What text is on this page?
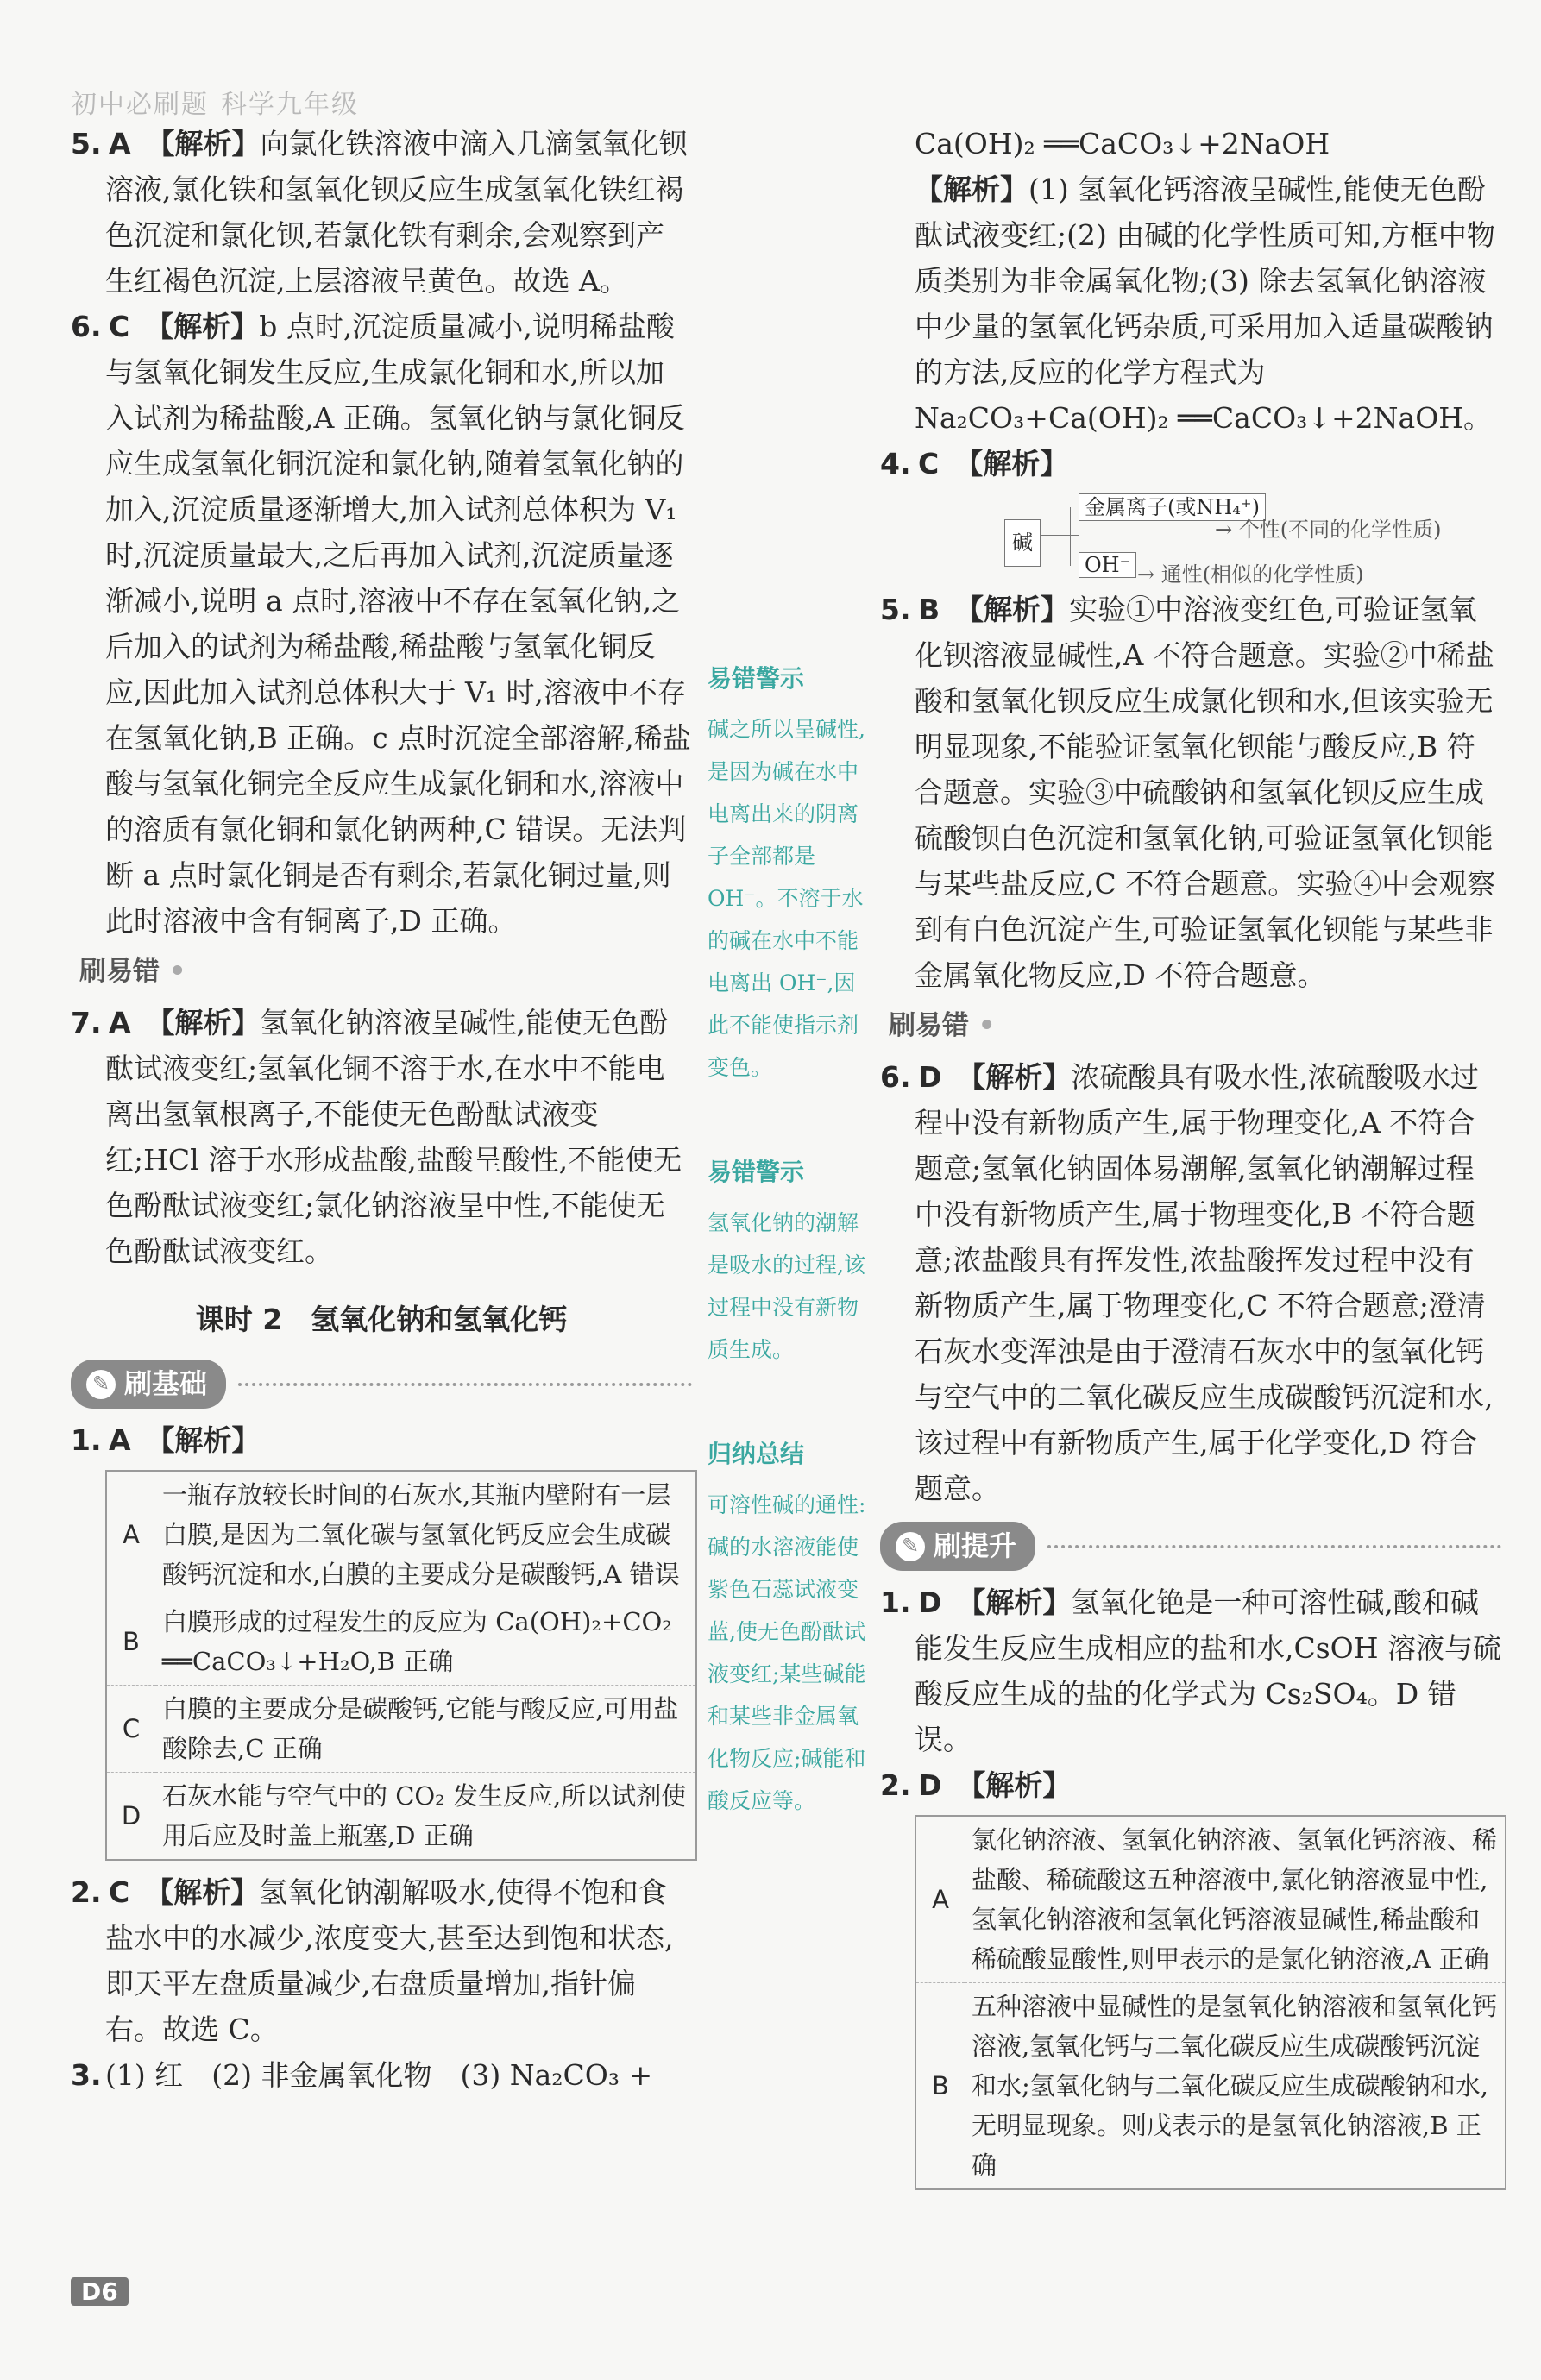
初中必刷题 科学九年级

5. A 【解析】向氯化铁溶液中滴入几滴氢氧化钡溶液,氯化铁和氢氧化钡反应生成氢氧化铁红褐色沉淀和氯化钡,若氯化铁有剩余,会观察到产生红褐色沉淀,上层溶液呈黄色。故选 A。

6. C 【解析】b 点时,沉淀质量减小,说明稀盐酸与氢氧化铜发生反应,生成氯化铜和水,所以加入试剂为稀盐酸,A 正确。氢氧化钠与氯化铜反应生成氢氧化铜沉淀和氯化钠,随着氢氧化钠的加入,沉淀质量逐渐增大,加入试剂总体积为 V₁ 时,沉淀质量最大,之后再加入试剂,沉淀质量逐渐减小,说明 a 点时,溶液中不存在氢氧化钠,之后加入的试剂为稀盐酸,稀盐酸与氢氧化铜反应,因此加入试剂总体积大于 V₁ 时,溶液中不存在氢氧化钠,B 正确。c 点时沉淀全部溶解,稀盐酸与氢氧化铜完全反应生成氯化铜和水,溶液中的溶质有氯化铜和氯化钠两种,C 错误。无法判断 a 点时氯化铜是否有剩余,若氯化铜过量,则此时溶液中含有铜离子,D 正确。

刷易错 •

7. A 【解析】氢氧化钠溶液呈碱性,能使无色酚酞试液变红;氢氧化铜不溶于水,在水中不能电离出氢氧根离子,不能使无色酚酞试液变红;HCl 溶于水形成盐酸,盐酸呈酸性,不能使无色酚酞试液变红;氯化钠溶液呈中性,不能使无色酚酞试液变红。

课时 2　氢氧化钠和氢氧化钙
✎ 刷基础

1. A 【解析】

A	一瓶存放较长时间的石灰水,其瓶内壁附有一层白膜,是因为二氧化碳与氢氧化钙反应会生成碳酸钙沉淀和水,白膜的主要成分是碳酸钙,A 错误
B	白膜形成的过程发生的反应为 Ca(OH)₂+CO₂ ══CaCO₃↓+H₂O,B 正确
C	白膜的主要成分是碳酸钙,它能与酸反应,可用盐酸除去,C 正确
D	石灰水能与空气中的 CO₂ 发生反应,所以试剂使用后应及时盖上瓶塞,D 正确

2. C 【解析】氢氧化钠潮解吸水,使得不饱和食盐水中的水减少,浓度变大,甚至达到饱和状态,即天平左盘质量减少,右盘质量增加,指针偏右。故选 C。

3. (1) 红　(2) 非金属氧化物　(3) Na₂CO₃ +

易错警示

碱之所以呈碱性,是因为碱在水中电离出来的阴离子全部都是 OH⁻。不溶于水的碱在水中不能电离出 OH⁻,因此不能使指示剂变色。

易错警示

氢氧化钠的潮解是吸水的过程,该过程中没有新物质生成。

归纳总结

可溶性碱的通性:碱的水溶液能使紫色石蕊试液变蓝,使无色酚酞试液变红;某些碱能和某些非金属氧化物反应;碱能和酸反应等。

Ca(OH)₂ ══CaCO₃↓+2NaOH

【解析】(1) 氢氧化钙溶液呈碱性,能使无色酚酞试液变红;(2) 由碱的化学性质可知,方框中物质类别为非金属氧化物;(3) 除去氢氧化钠溶液中少量的氢氧化钙杂质,可采用加入适量碳酸钠的方法,反应的化学方程式为 Na₂CO₃+Ca(OH)₂ ══CaCO₃↓+2NaOH。

4. C 【解析】

碱
金属离子(或NH₄⁺)
→ 个性(不同的化学性质)
OH⁻ → 通性(相似的化学性质)

5. B 【解析】实验①中溶液变红色,可验证氢氧化钡溶液显碱性,A 不符合题意。实验②中稀盐酸和氢氧化钡反应生成氯化钡和水,但该实验无明显现象,不能验证氢氧化钡能与酸反应,B 符合题意。实验③中硫酸钠和氢氧化钡反应生成硫酸钡白色沉淀和氢氧化钠,可验证氢氧化钡能与某些盐反应,C 不符合题意。实验④中会观察到有白色沉淀产生,可验证氢氧化钡能与某些非金属氧化物反应,D 不符合题意。

刷易错 •

6. D 【解析】浓硫酸具有吸水性,浓硫酸吸水过程中没有新物质产生,属于物理变化,A 不符合题意;氢氧化钠固体易潮解,氢氧化钠潮解过程中没有新物质产生,属于物理变化,B 不符合题意;浓盐酸具有挥发性,浓盐酸挥发过程中没有新物质产生,属于物理变化,C 不符合题意;澄清石灰水变浑浊是由于澄清石灰水中的氢氧化钙与空气中的二氧化碳反应生成碳酸钙沉淀和水,该过程中有新物质产生,属于化学变化,D 符合题意。

✎ 刷提升

1. D 【解析】氢氧化铯是一种可溶性碱,酸和碱能发生反应生成相应的盐和水,CsOH 溶液与硫酸反应生成的盐的化学式为 Cs₂SO₄。D 错误。

2. D 【解析】

A	氯化钠溶液、氢氧化钠溶液、氢氧化钙溶液、稀盐酸、稀硫酸这五种溶液中,氯化钠溶液显中性,氢氧化钠溶液和氢氧化钙溶液显碱性,稀盐酸和稀硫酸显酸性,则甲表示的是氯化钠溶液,A 正确
B	五种溶液中显碱性的是氢氧化钠溶液和氢氧化钙溶液,氢氧化钙与二氧化碳反应生成碳酸钙沉淀和水;氢氧化钠与二氧化碳反应生成碳酸钠和水,无明显现象。则戊表示的是氢氧化钠溶液,B 正确
D6
